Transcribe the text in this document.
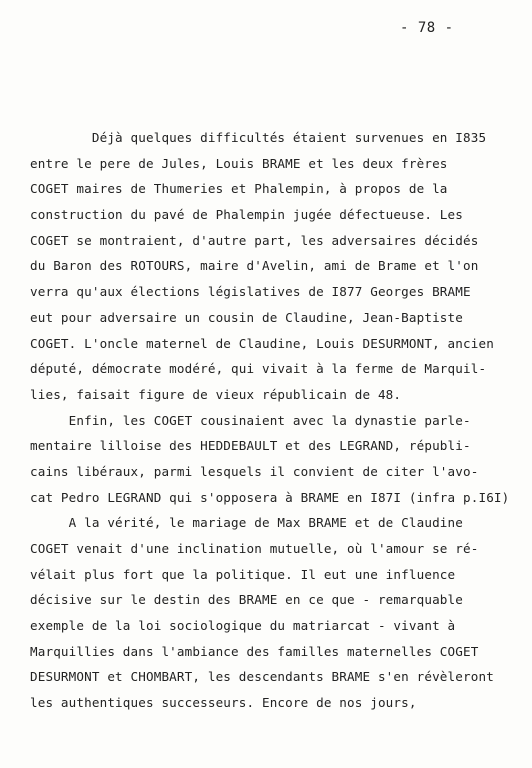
- 78 -
Déjà quelques difficultés étaient survenues en I835
entre le pere de Jules, Louis BRAME et les deux frères
COGET maires de Thumeries et Phalempin, à propos de la
construction du pavé de Phalempin jugée défectueuse. Les
COGET se montraient, d'autre part, les adversaires décidés
du Baron des ROTOURS, maire d'Avelin, ami de Brame et l'on
verra qu'aux élections législatives de I877 Georges BRAME
eut pour adversaire un cousin de Claudine, Jean-Baptiste
COGET. L'oncle maternel de Claudine, Louis DESURMONT, ancien
député, démocrate modéré, qui vivait à la ferme de Marquil-
lies, faisait figure de vieux républicain de 48.
Enfin, les COGET cousinaient avec la dynastie parle-
mentaire lilloise des HEDDEBAULT et des LEGRAND, républi-
cains libéraux, parmi lesquels il convient de citer l'avo-
cat Pedro LEGRAND qui s'opposera à BRAME en I87I (infra p.I6I)
A la vérité, le mariage de Max BRAME et de Claudine
COGET venait d'une inclination mutuelle, où l'amour se ré-
vélait plus fort que la politique. Il eut une influence
décisive sur le destin des BRAME en ce que - remarquable
exemple de la loi sociologique du matriarcat - vivant à
Marquillies dans l'ambiance des familles maternelles COGET
DESURMONT et CHOMBART, les descendants BRAME s'en révèleront
les authentiques successeurs. Encore de nos jours,
